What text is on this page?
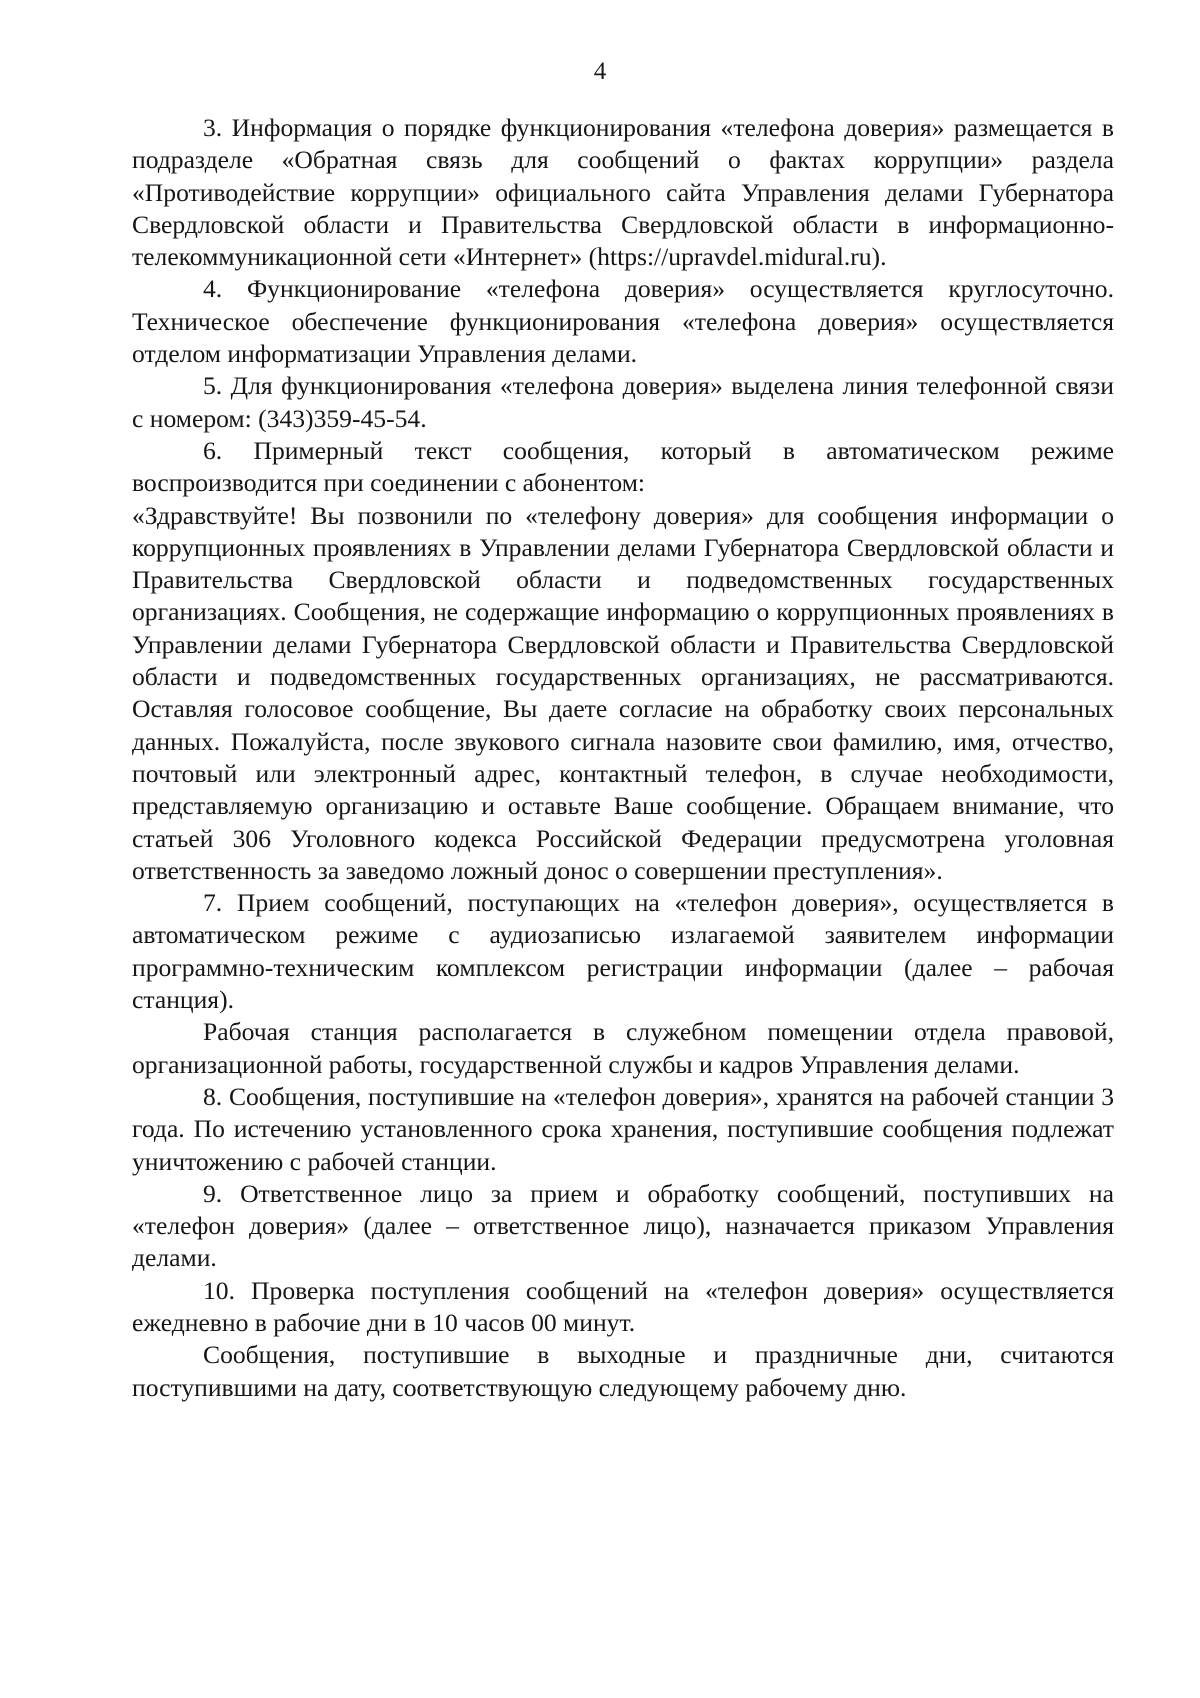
4

3. Информация о порядке функционирования «телефона доверия» размещается в подразделе «Обратная связь для сообщений о фактах коррупции» раздела «Противодействие коррупции» официального сайта Управления делами Губернатора Свердловской области и Правительства Свердловской области в информационно-телекоммуникационной сети «Интернет» (https://upravdel.midural.ru).

4. Функционирование «телефона доверия» осуществляется круглосуточно. Техническое обеспечение функционирования «телефона доверия» осуществляется отделом информатизации Управления делами.

5. Для функционирования «телефона доверия» выделена линия телефонной связи с номером: (343)359-45-54.

6. Примерный текст сообщения, который в автоматическом режиме воспроизводится при соединении с абонентом:

«Здравствуйте! Вы позвонили по «телефону доверия» для сообщения информации о коррупционных проявлениях в Управлении делами Губернатора Свердловской области и Правительства Свердловской области и подведомственных государственных организациях. Сообщения, не содержащие информацию о коррупционных проявлениях в Управлении делами Губернатора Свердловской области и Правительства Свердловской области и подведомственных государственных организациях, не рассматриваются. Оставляя голосовое сообщение, Вы даете согласие на обработку своих персональных данных. Пожалуйста, после звукового сигнала назовите свои фамилию, имя, отчество, почтовый или электронный адрес, контактный телефон, в случае необходимости, представляемую организацию и оставьте Ваше сообщение. Обращаем внимание, что статьей 306 Уголовного кодекса Российской Федерации предусмотрена уголовная ответственность за заведомо ложный донос о совершении преступления».

7. Прием сообщений, поступающих на «телефон доверия», осуществляется в автоматическом режиме с аудиозаписью излагаемой заявителем информации программно-техническим комплексом регистрации информации (далее – рабочая станция).

Рабочая станция располагается в служебном помещении отдела правовой, организационной работы, государственной службы и кадров Управления делами.

8. Сообщения, поступившие на «телефон доверия», хранятся на рабочей станции 3 года. По истечению установленного срока хранения, поступившие сообщения подлежат уничтожению с рабочей станции.

9. Ответственное лицо за прием и обработку сообщений, поступивших на «телефон доверия» (далее – ответственное лицо), назначается приказом Управления делами.

10. Проверка поступления сообщений на «телефон доверия» осуществляется ежедневно в рабочие дни в 10 часов 00 минут.

Сообщения, поступившие в выходные и праздничные дни, считаются поступившими на дату, соответствующую следующему рабочему дню.
